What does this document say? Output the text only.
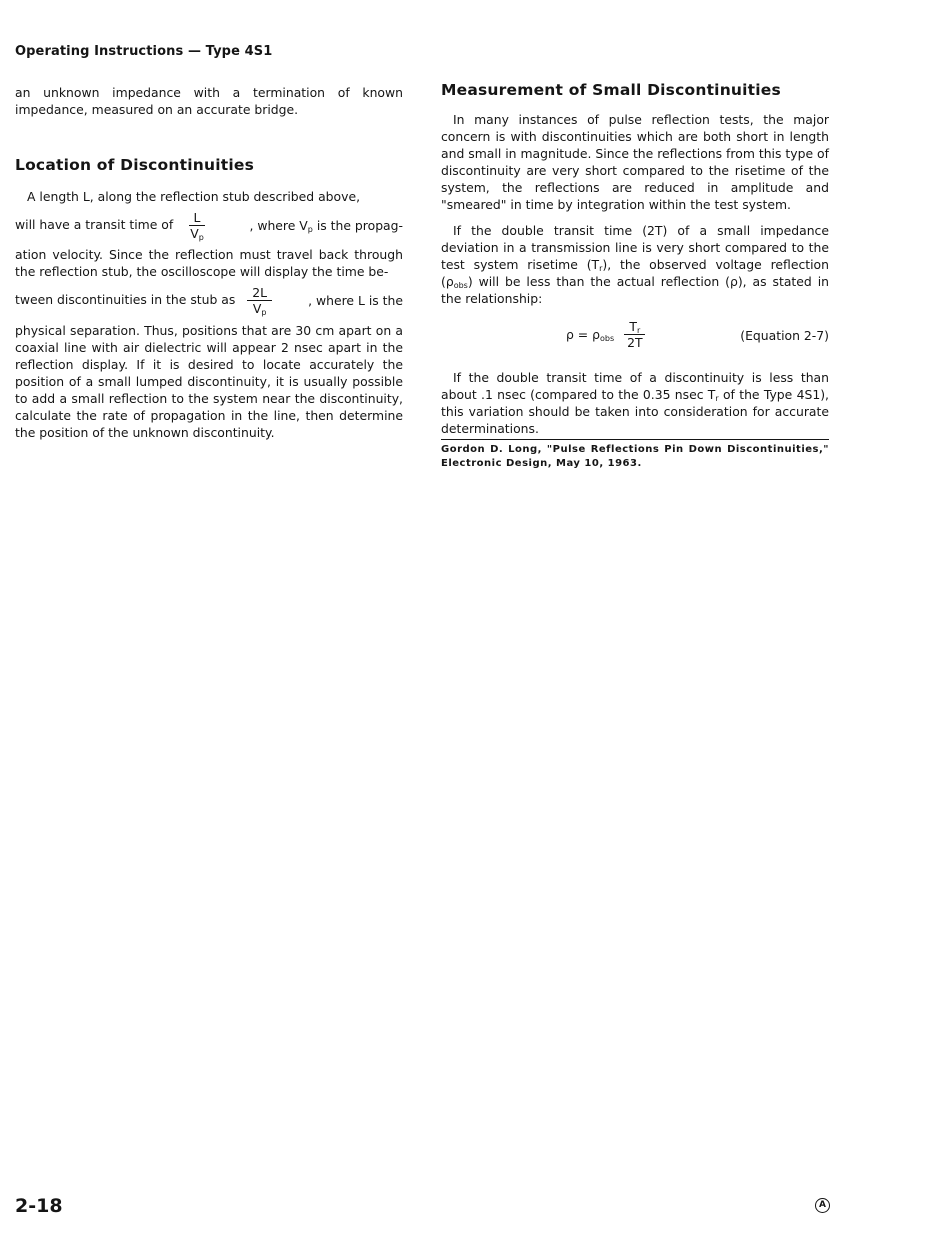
Operating Instructions — Type 4S1

an unknown impedance with a termination of known impedance, measured on an accurate bridge.

Location of Discontinuities

A length L, along the reflection stub described above,

will have a transit time of $\frac{L}{V_p}$	, where $V_p$ is the propag-

ation velocity. Since the reflection must travel back through the reflection stub, the oscilloscope will display the time be-

tween discontinuities in the stub as $\frac{2L}{V_p}$	, where L is the

physical separation. Thus, positions that are 30 cm apart on a coaxial line with air dielectric will appear 2 nsec apart in the reflection display. If it is desired to locate accurately the position of a small lumped discontinuity, it is usually possible to add a small reflection to the system near the discontinuity, calculate the rate of propagation in the line, then determine the position of the unknown discontinuity.

Measurement of Small Discontinuities

In many instances of pulse reflection tests, the major concern is with discontinuities which are both short in length and small in magnitude. Since the reflections from this type of discontinuity are very short compared to the risetime of the system, the reflections are reduced in amplitude and "smeared" in time by integration within the test system.

If the double transit time (2T) of a small impedance deviation in a transmission line is very short compared to the test system risetime $(T_r)$, the observed voltage reflection $(\rho_{obs})$ will be less than the actual reflection (ρ), as stated in the relationship:

$\rho = \rho_{obs} \frac{T_r}{2T}$	(Equation 2-7)

If the double transit time of a discontinuity is less than about .1 nsec (compared to the 0.35 nsec $T_r$ of the Type 4S1), this variation should be taken into consideration for accurate determinations.

Gordon D. Long, "Pulse Reflections Pin Down Discontinuities," Electronic Design, May 10, 1963.

2-18	A
